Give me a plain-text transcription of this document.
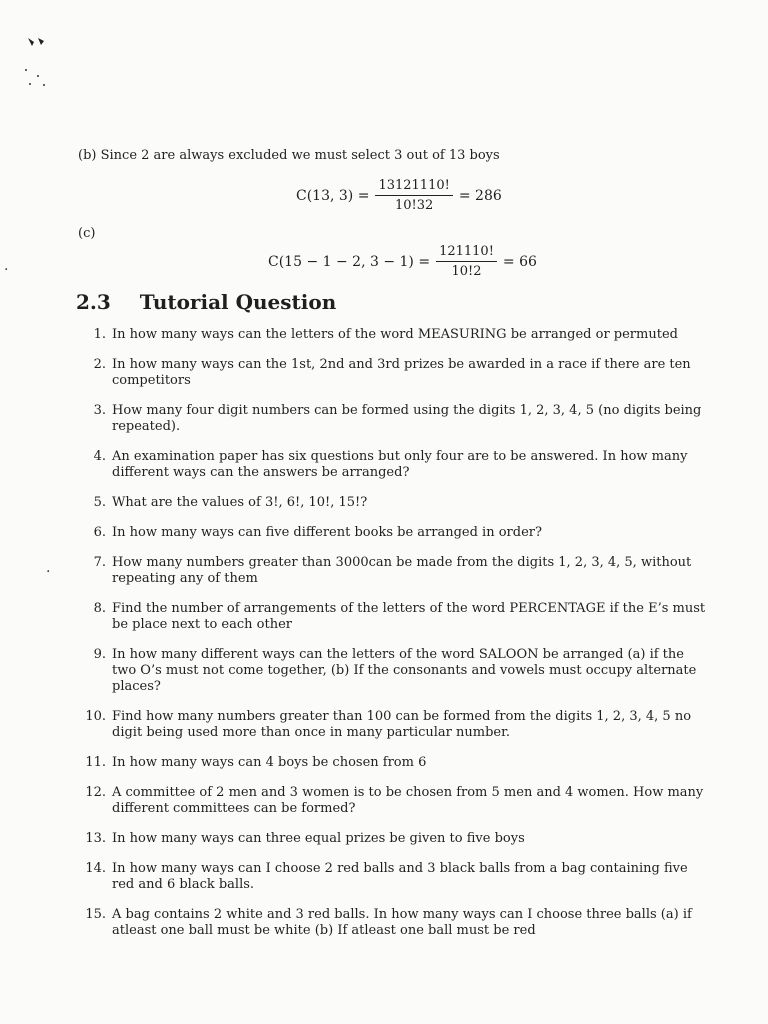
(b) Since 2 are always excluded we must select 3 out of 13 boys
C(13, $3) = \frac{13121110!}{10!32} = 286$
(c)
C(15 − 1 − 2, $3 - 1) = \frac{121110!}{10!2} = 66$
2.3 Tutorial Question
1. In how many ways can the letters of the word MEASURING be arranged or permuted
2. In how many ways can the 1st, 2nd and 3rd prizes be awarded in a race if there are ten competitors
3. How many four digit numbers can be formed using the digits 1, 2, 3, 4, 5 (no digits being repeated).
4. An examination paper has six questions but only four are to be answered. In how many different ways can the answers be arranged?
5. What are the values of 3!, 6!, 10!, 15!?
6. In how many ways can five different books be arranged in order?
7. How many numbers greater than 3000can be made from the digits 1, 2, 3, 4, 5, without repeating any of them
8. Find the number of arrangements of the letters of the word PERCENTAGE if the E’s must be place next to each other
9. In how many different ways can the letters of the word SALOON be arranged (a) if the two O’s must not come together, (b) If the consonants and vowels must occupy alternate places?
10. Find how many numbers greater than 100 can be formed from the digits 1, 2, 3, 4, 5 no digit being used more than once in many particular number.
11. In how many ways can 4 boys be chosen from 6
12. A committee of 2 men and 3 women is to be chosen from 5 men and 4 women. How many different committees can be formed?
13. In how many ways can three equal prizes be given to five boys
14. In how many ways can I choose 2 red balls and 3 black balls from a bag containing five red and 6 black balls.
15. A bag contains 2 white and 3 red balls. In how many ways can I choose three balls (a) if atleast one ball must be white (b) If atleast one ball must be red
.
.
